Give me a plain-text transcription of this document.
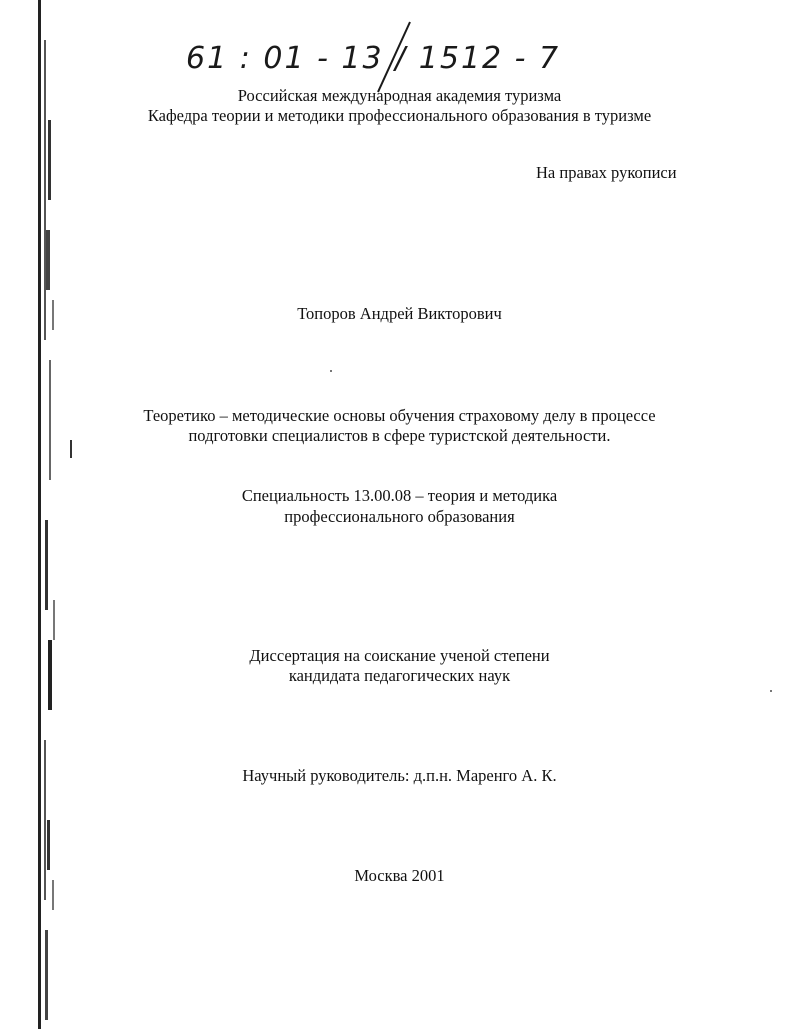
61 : 01 - 13 / 1512 - 7
Российская международная академия туризма
Кафедра теории и методики профессионального образования в туризме
На правах рукописи
Топоров Андрей Викторович
Теоретико – методические основы обучения страховому делу в процессе
подготовки специалистов в сфере туристской деятельности.
Специальность 13.00.08 – теория и методика
профессионального образования
Диссертация на соискание ученой степени
кандидата педагогических наук
Научный руководитель: д.п.н. Маренго А. К.
Москва 2001
